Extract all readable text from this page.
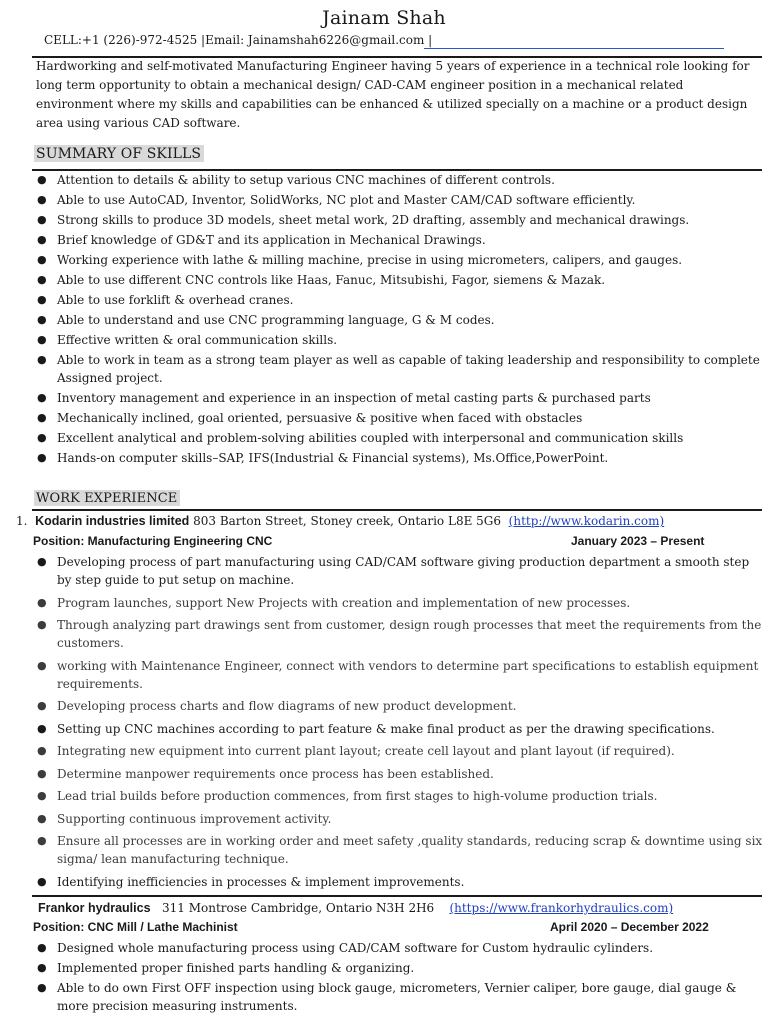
Jainam Shah
CELL:+1 (226)-972-4525 |Email: Jainamshah6226@gmail.com |
Hardworking and self-motivated Manufacturing Engineer having 5 years of experience in a technical role looking for long term opportunity to obtain a mechanical design/ CAD-CAM engineer position in a mechanical related environment where my skills and capabilities can be enhanced & utilized specially on a machine or a product design area using various CAD software.
SUMMARY OF SKILLS
● Attention to details & ability to setup various CNC machines of different controls.
● Able to use AutoCAD, Inventor, SolidWorks, NC plot and Master CAM/CAD software efficiently.
● Strong skills to produce 3D models, sheet metal work, 2D drafting, assembly and mechanical drawings.
● Brief knowledge of GD&T and its application in Mechanical Drawings.
● Working experience with lathe & milling machine, precise in using micrometers, calipers, and gauges.
● Able to use different CNC controls like Haas, Fanuc, Mitsubishi, Fagor, siemens & Mazak.
● Able to use forklift & overhead cranes.
● Able to understand and use CNC programming language, G & M codes.
● Effective written & oral communication skills.
● Able to work in team as a strong team player as well as capable of taking leadership and responsibility to complete Assigned project.
● Inventory management and experience in an inspection of metal casting parts & purchased parts
● Mechanically inclined, goal oriented, persuasive & positive when faced with obstacles
● Excellent analytical and problem-solving abilities coupled with interpersonal and communication skills
● Hands-on computer skills–SAP, IFS(Industrial & Financial systems), Ms.Office,PowerPoint.
WORK EXPERIENCE
1. Kodarin industries limited 803 Barton Street, Stoney creek, Ontario L8E 5G6 (http://www.kodarin.com)
Position: Manufacturing Engineering CNC	January 2023 – Present
● Developing process of part manufacturing using CAD/CAM software giving production department a smooth step by step guide to put setup on machine.
● Program launches, support New Projects with creation and implementation of new processes.
● Through analyzing part drawings sent from customer, design rough processes that meet the requirements from the customers.
● working with Maintenance Engineer, connect with vendors to determine part specifications to establish equipment requirements.
● Developing process charts and flow diagrams of new product development.
● Setting up CNC machines according to part feature & make final product as per the drawing specifications.
● Integrating new equipment into current plant layout; create cell layout and plant layout (if required).
● Determine manpower requirements once process has been established.
● Lead trial builds before production commences, from first stages to high-volume production trials.
● Supporting continuous improvement activity.
● Ensure all processes are in working order and meet safety ,quality standards, reducing scrap & downtime using six sigma/ lean manufacturing technique.
● Identifying inefficiencies in processes & implement improvements.
Frankor hydraulics 311 Montrose Cambridge, Ontario N3H 2H6 (https://www.frankorhydraulics.com)
Position: CNC Mill / Lathe Machinist	April 2020 – December 2022
● Designed whole manufacturing process using CAD/CAM software for Custom hydraulic cylinders.
● Implemented proper finished parts handling & organizing.
● Able to do own First OFF inspection using block gauge, micrometers, Vernier caliper, bore gauge, dial gauge & more precision measuring instruments.
